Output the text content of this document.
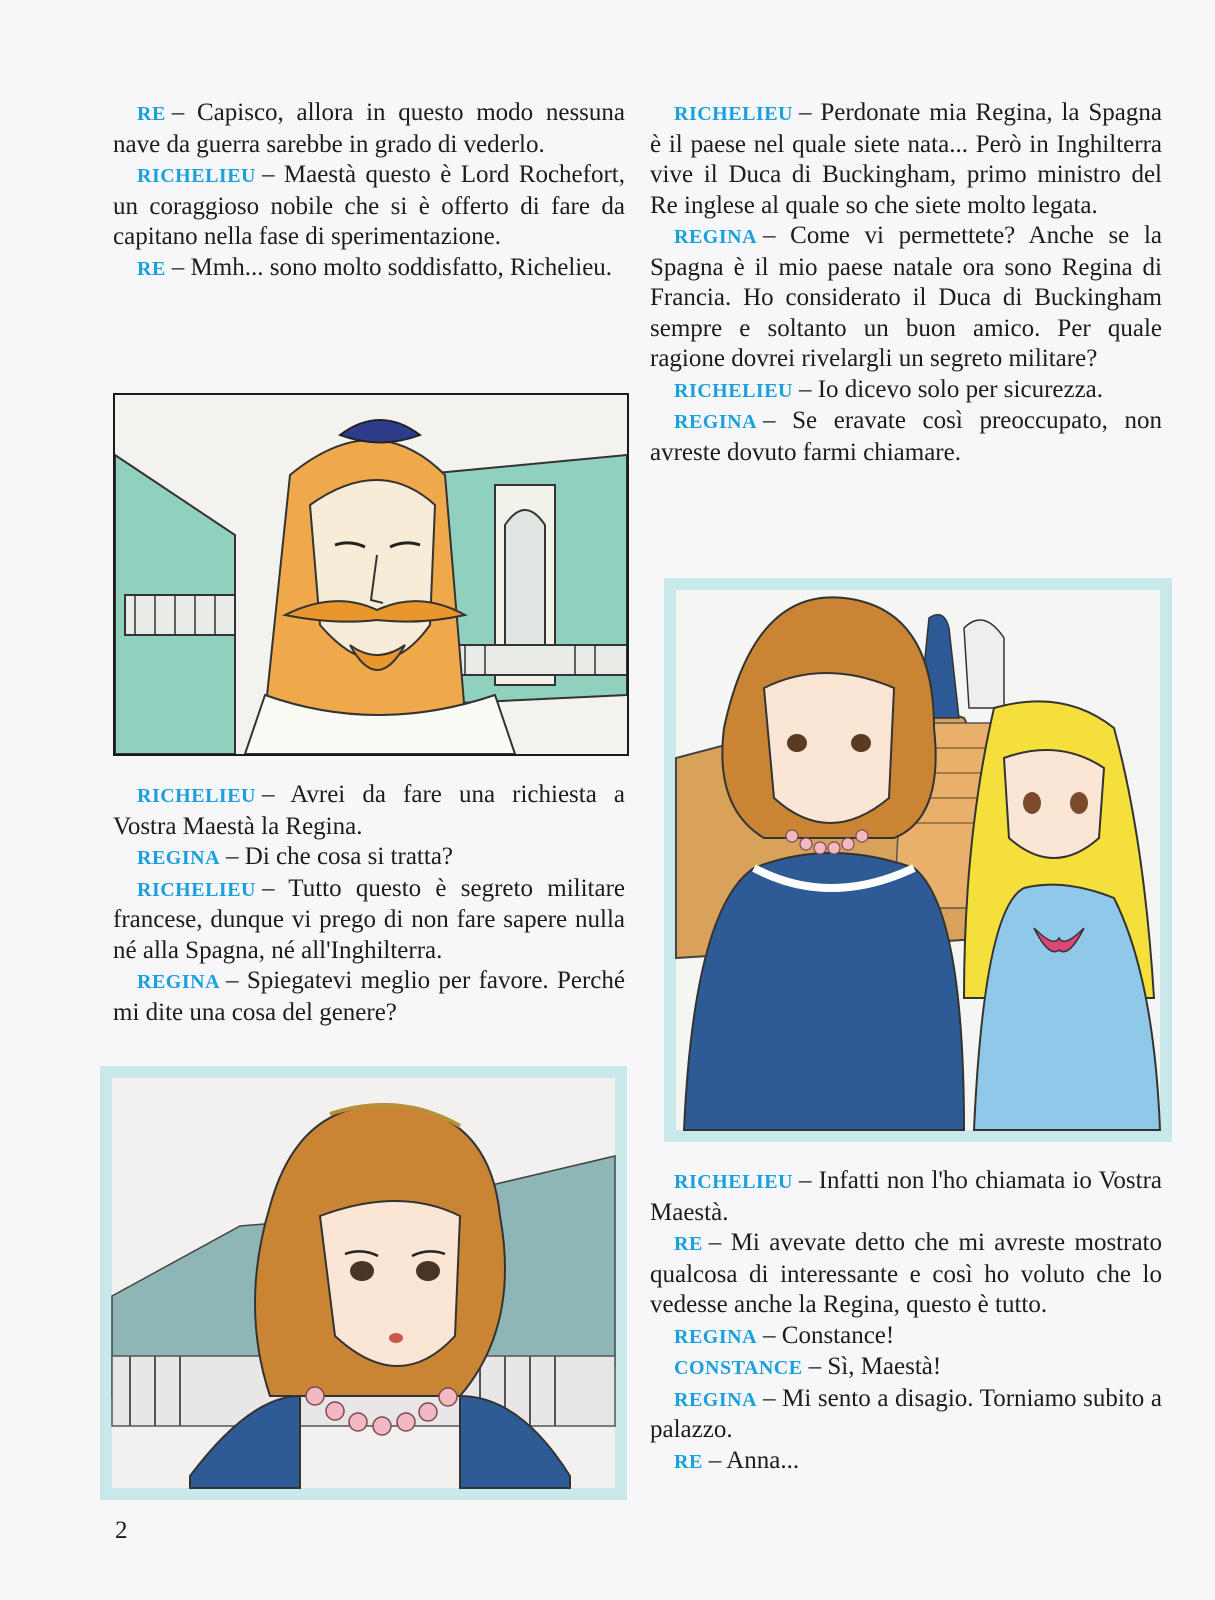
RE – Capisco, allora in questo modo nessuna nave da guerra sarebbe in grado di vederlo.

RICHELIEU – Maestà questo è Lord Rochefort, un coraggioso nobile che si è offerto di fare da capitano nella fase di sperimentazione.

RE – Mmh... sono molto soddisfatto, Richelieu.

RICHELIEU – Avrei da fare una richiesta a Vostra Maestà la Regina.

REGINA – Di che cosa si tratta?

RICHELIEU – Tutto questo è segreto militare francese, dunque vi prego di non fare sapere nulla né alla Spagna, né all'Inghilterra.

REGINA – Spiegatevi meglio per favore. Perché mi dite una cosa del genere?

RICHELIEU – Perdonate mia Regina, la Spagna è il paese nel quale siete nata... Però in Inghilterra vive il Duca di Buckingham, primo ministro del Re inglese al quale so che siete molto legata.

REGINA – Come vi permettete? Anche se la Spagna è il mio paese natale ora sono Regina di Francia. Ho considerato il Duca di Buckingham sempre e soltanto un buon amico. Per quale ragione dovrei rivelargli un segreto militare?

RICHELIEU – Io dicevo solo per sicurezza.

REGINA – Se eravate così preoccupato, non avreste dovuto farmi chiamare.

RICHELIEU – Infatti non l'ho chiamata io Vostra Maestà.

RE – Mi avevate detto che mi avreste mostrato qualcosa di interessante e così ho voluto che lo vedesse anche la Regina, questo è tutto.

REGINA – Constance!

CONSTANCE – Sì, Maestà!

REGINA – Mi sento a disagio. Torniamo subito a palazzo.

RE – Anna...

2
